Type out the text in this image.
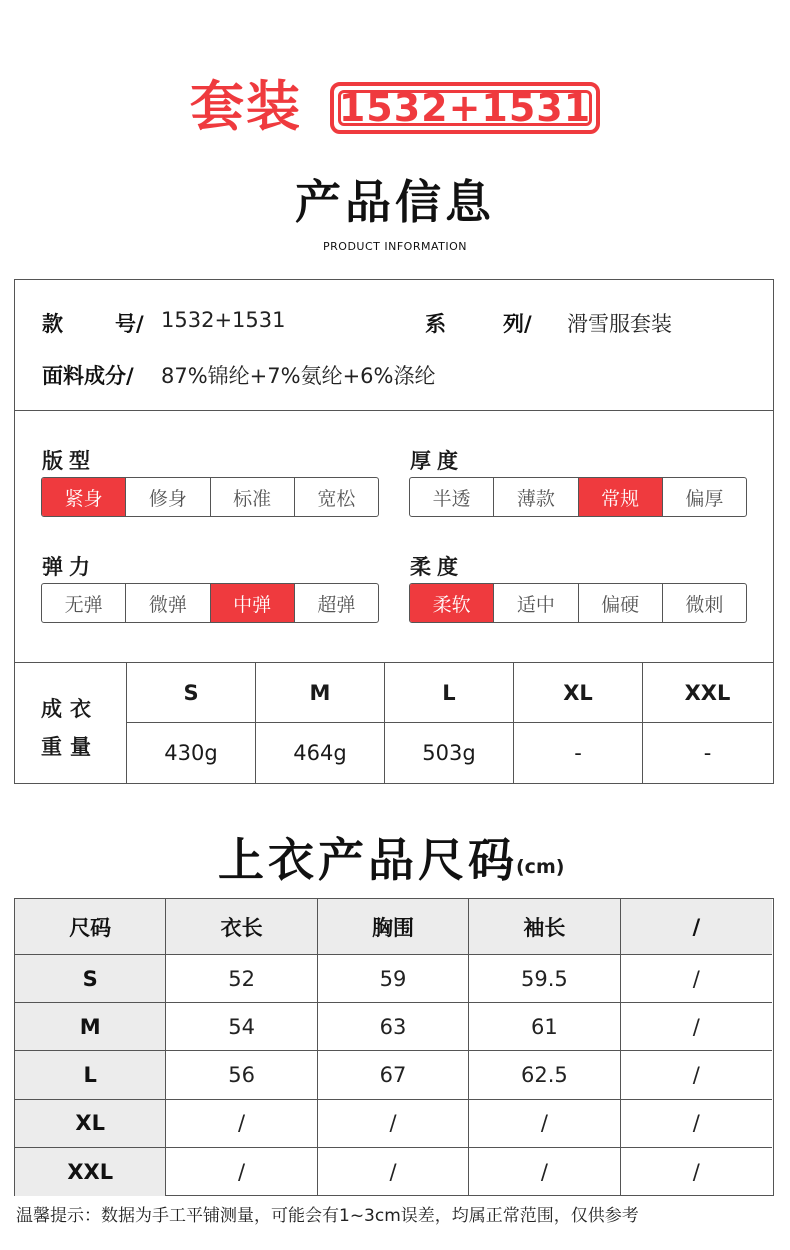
套装 1532+1531
产品信息
PRODUCT INFORMATION
款 号/ 1532+1531	系	列/ 滑雪服套装
面料成分/ 87%锦纶+7%氨纶+6%涤纶
版型
紧身	修身	标准	宽松
厚度
半透	薄款	常规	偏厚
弹力
无弹	微弹	中弹	超弹
柔度
柔软	适中	偏硬	微刺
成衣
重量
S	M	L	XL	XXL
430g	464g	503g	-	-
上衣产品尺码
(cm)
尺码	衣长	胸围	袖长	/
S	52	59	59.5	/
M	54	63	61	/
L	56	67	62.5	/
XL	/	/	/	/
XXL	/	/	/	/
温馨提示：数据为手工平铺测量，可能会有1~3cm误差，均属正常范围，仅供参考
